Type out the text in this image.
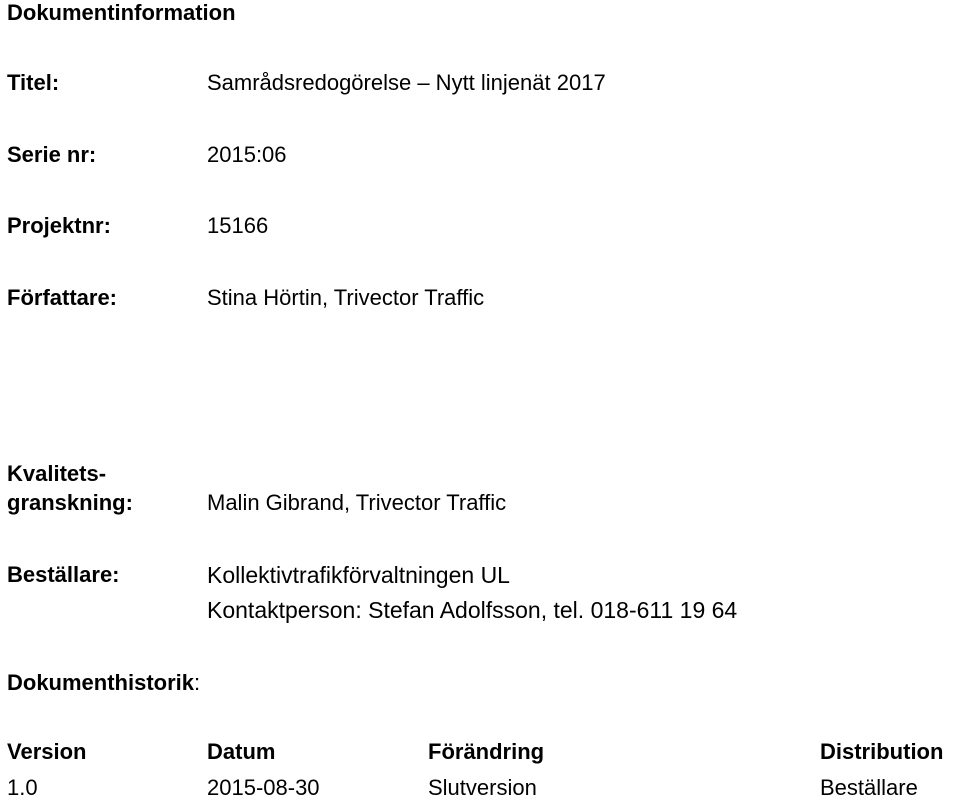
Dokumentinformation
Titel:	Samrådsredogörelse – Nytt linjenät 2017
Serie nr:	2015:06
Projektnr:	15166
Författare:	Stina Hörtin, Trivector Traffic
Kvalitets-
granskning:	Malin Gibrand, Trivector Traffic
Beställare:	Kollektivtrafikförvaltningen UL
Kontaktperson: Stefan Adolfsson, tel. 018-611 19 64
Dokumenthistorik:
Version	Datum	Förändring	Distribution
1.0	2015-08-30	Slutversion	Beställare
